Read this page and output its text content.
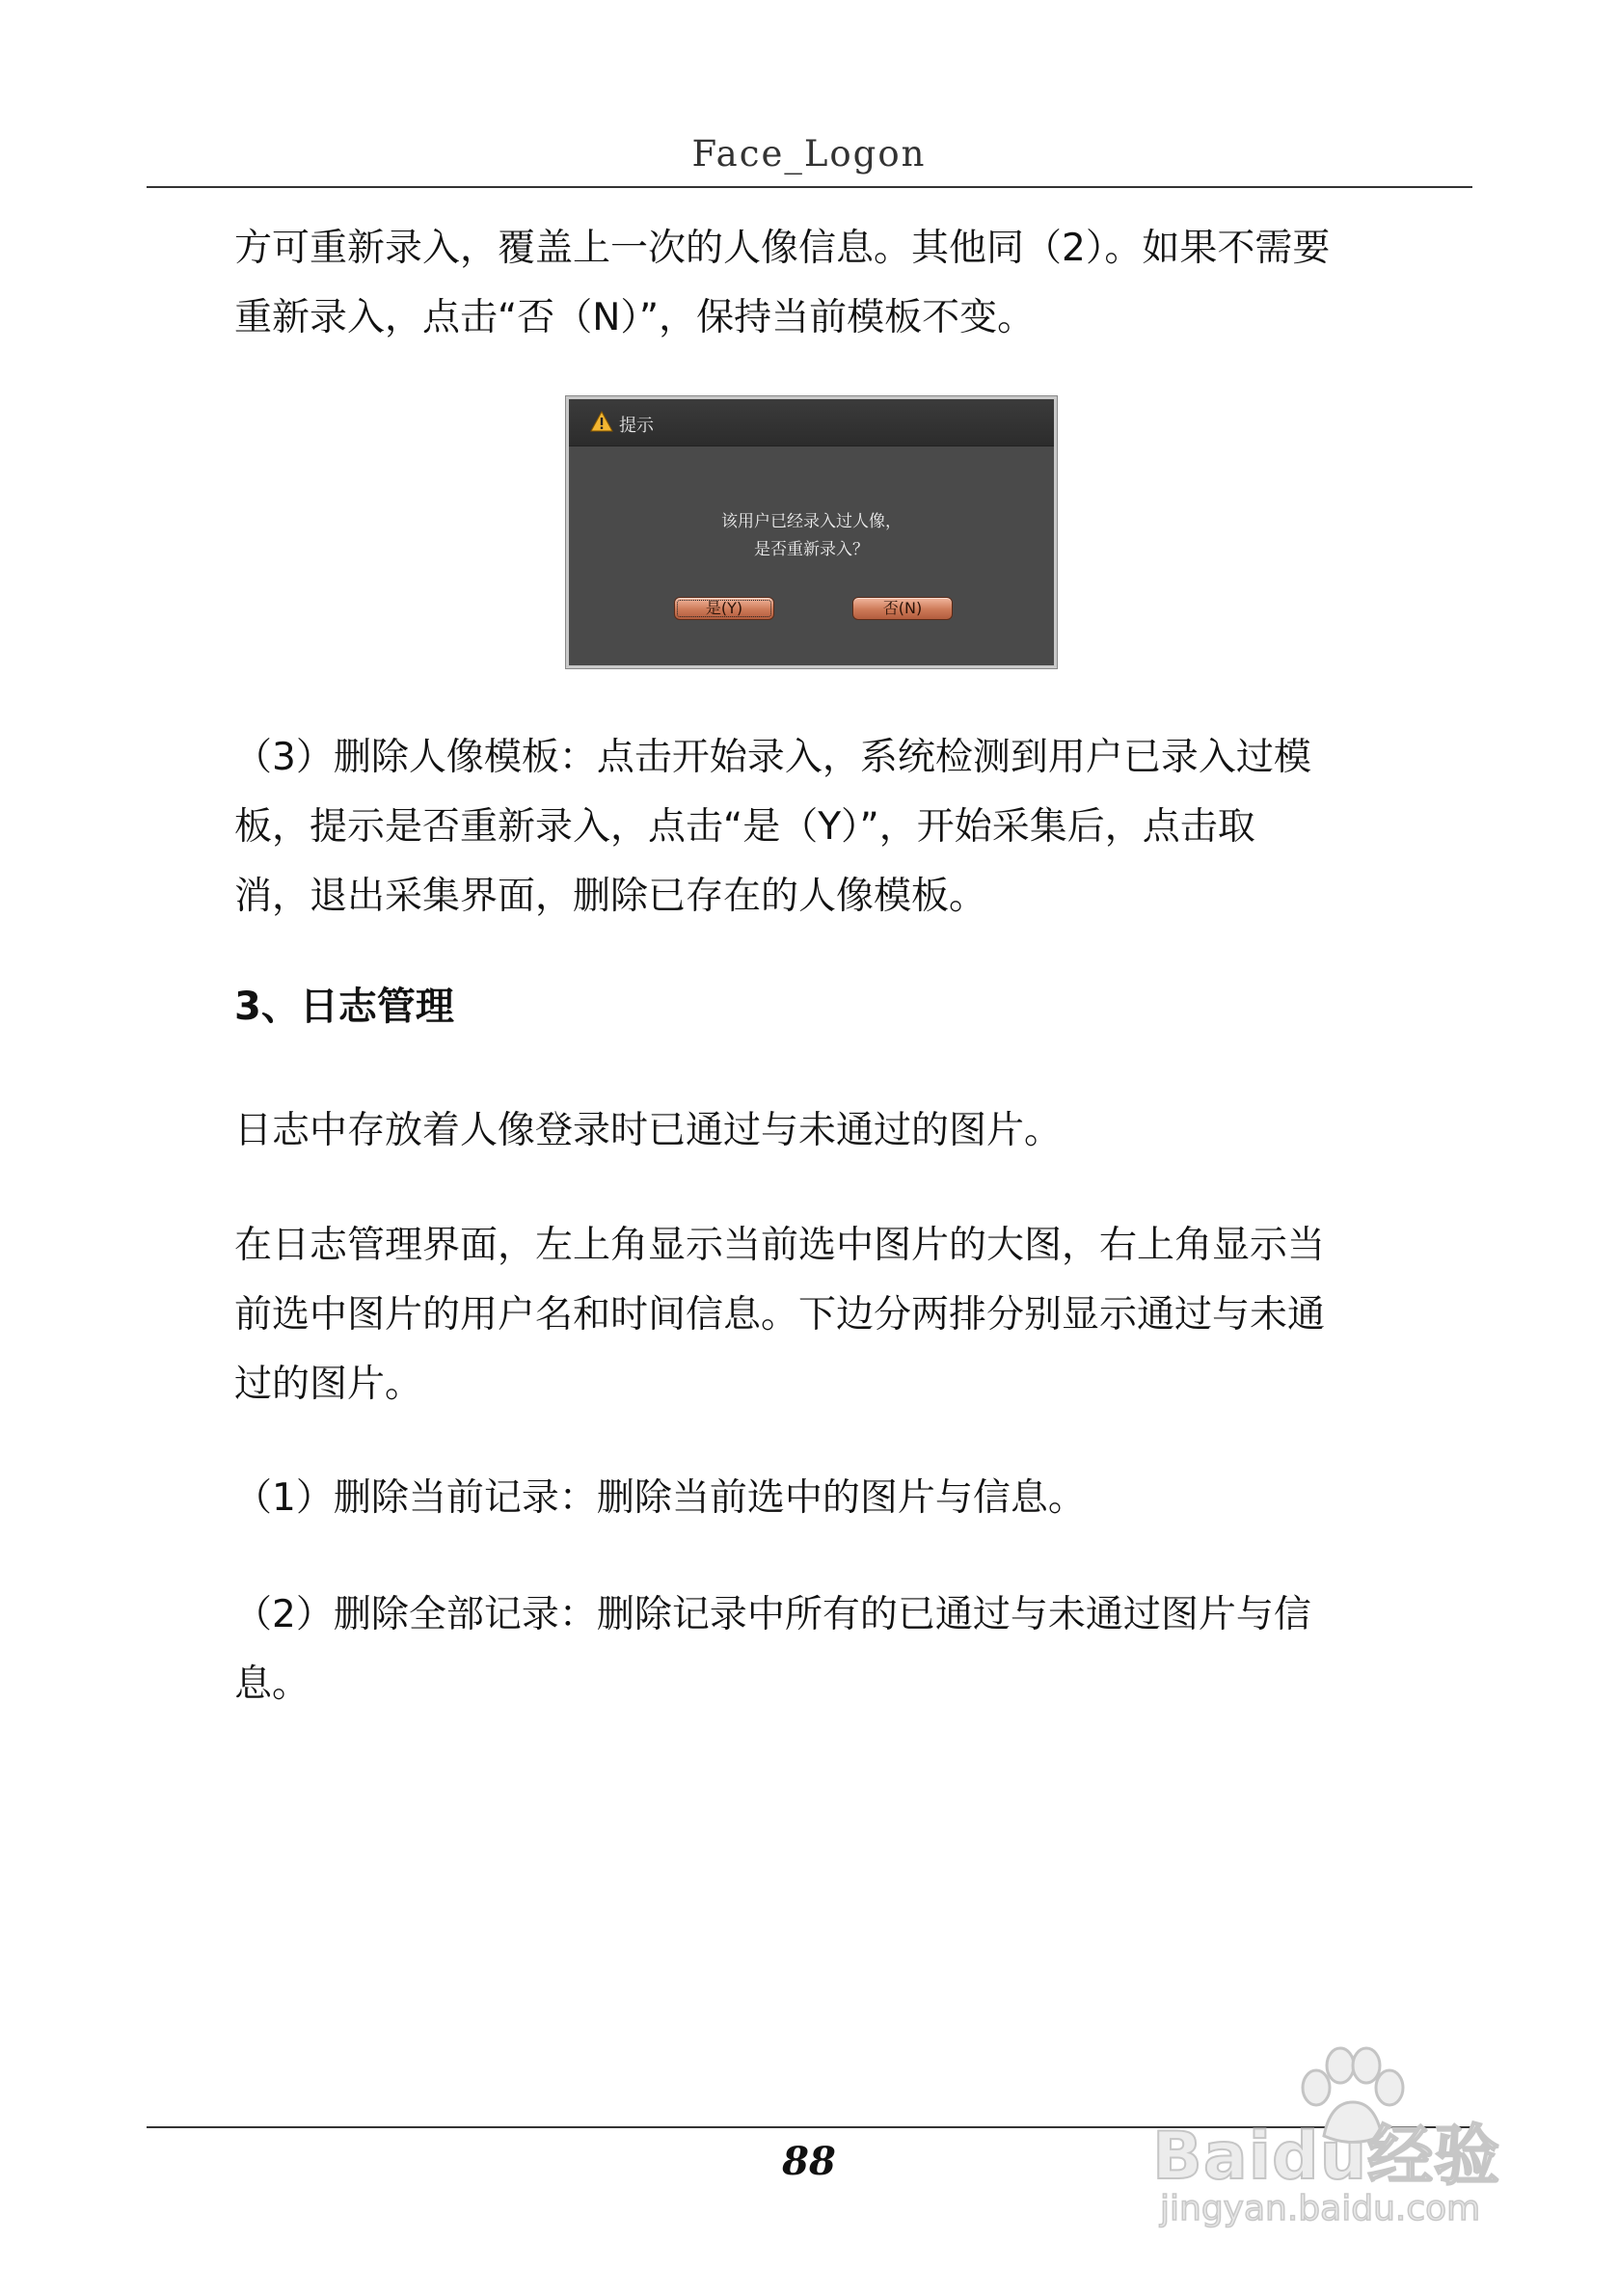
Face_Logon
方可重新录入，覆盖上一次的人像信息。其他同（2）。如果不需要
重新录入，点击“否（N）”，保持当前模板不变。
提示
该用户已经录入过人像，
是否重新录入？
是(Y)	否(N)
（3）删除人像模板：点击开始录入，系统检测到用户已录入过模
板，提示是否重新录入，点击“是（Y）”，开始采集后，点击取
消，退出采集界面，删除已存在的人像模板。
3、日志管理
日志中存放着人像登录时已通过与未通过的图片。
在日志管理界面，左上角显示当前选中图片的大图，右上角显示当
前选中图片的用户名和时间信息。下边分两排分别显示通过与未通
过的图片。
（1）删除当前记录：删除当前选中的图片与信息。
（2）删除全部记录：删除记录中所有的已通过与未通过图片与信
息。
88	Baidu经验
jingyan.baidu.com
